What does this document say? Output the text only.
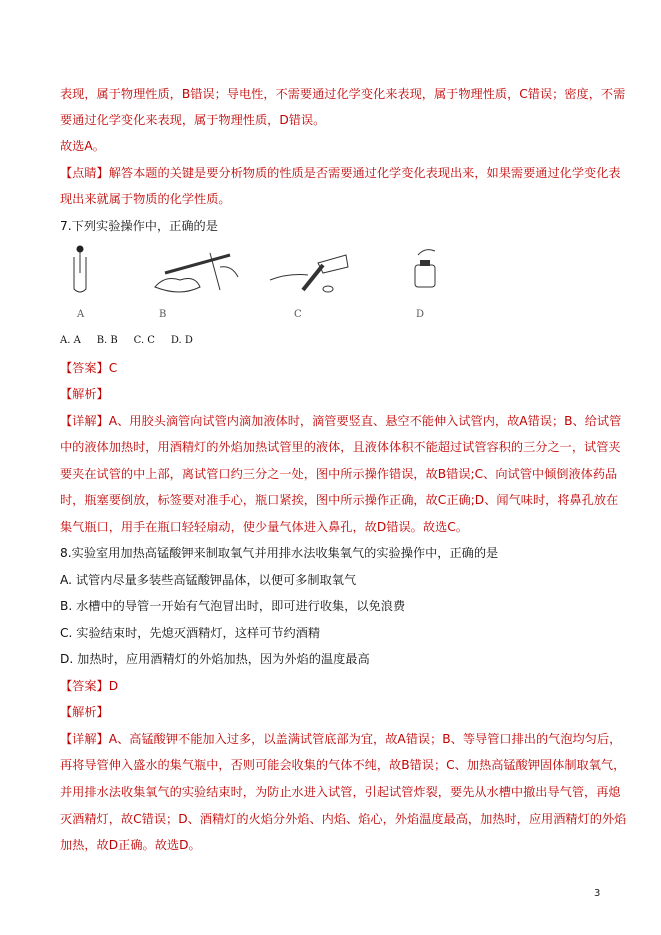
表现，属于物理性质，B错误；导电性，不需要通过化学变化来表现，属于物理性质，C错误；密度，不需
要通过化学变化来表现，属于物理性质，D错误。
故选A。
【点睛】解答本题的关键是要分析物质的性质是否需要通过化学变化表现出来，如果需要通过化学变化表
现出来就属于物质的化学性质。
7.下列实验操作中，正确的是
A	B	C	D
A. A     B. B     C. C     D. D
【答案】C
【解析】
【详解】A、用胶头滴管向试管内滴加液体时，滴管要竖直、悬空不能伸入试管内，故A错误；B、给试管
中的液体加热时，用酒精灯的外焰加热试管里的液体，且液体体积不能超过试管容积的三分之一，试管夹
要夹在试管的中上部，离试管口约三分之一处，图中所示操作错误，故B错误;C、向试管中倾倒液体药品
时，瓶塞要倒放，标签要对准手心，瓶口紧挨，图中所示操作正确，故C正确;D、闻气味时，将鼻孔放在
集气瓶口，用手在瓶口轻轻扇动，使少量气体进入鼻孔，故D错误。故选C。
8.实验室用加热高锰酸钾来制取氧气并用排水法收集氧气的实验操作中，正确的是
A. 试管内尽量多装些高锰酸钾晶体，以便可多制取氧气
B. 水槽中的导管一开始有气泡冒出时，即可进行收集，以免浪费
C. 实验结束时，先熄灭酒精灯，这样可节约酒精
D. 加热时，应用酒精灯的外焰加热，因为外焰的温度最高
【答案】D
【解析】
【详解】A、高锰酸钾不能加入过多，以盖满试管底部为宜，故A错误；B、等导管口排出的气泡均匀后，
再将导管伸入盛水的集气瓶中，否则可能会收集的气体不纯，故B错误；C、加热高锰酸钾固体制取氧气，
并用排水法收集氧气的实验结束时，为防止水进入试管，引起试管炸裂，要先从水槽中撤出导气管，再熄
灭酒精灯，故C错误；D、酒精灯的火焰分外焰、内焰、焰心，外焰温度最高，加热时，应用酒精灯的外焰
加热，故D正确。故选D。
3
